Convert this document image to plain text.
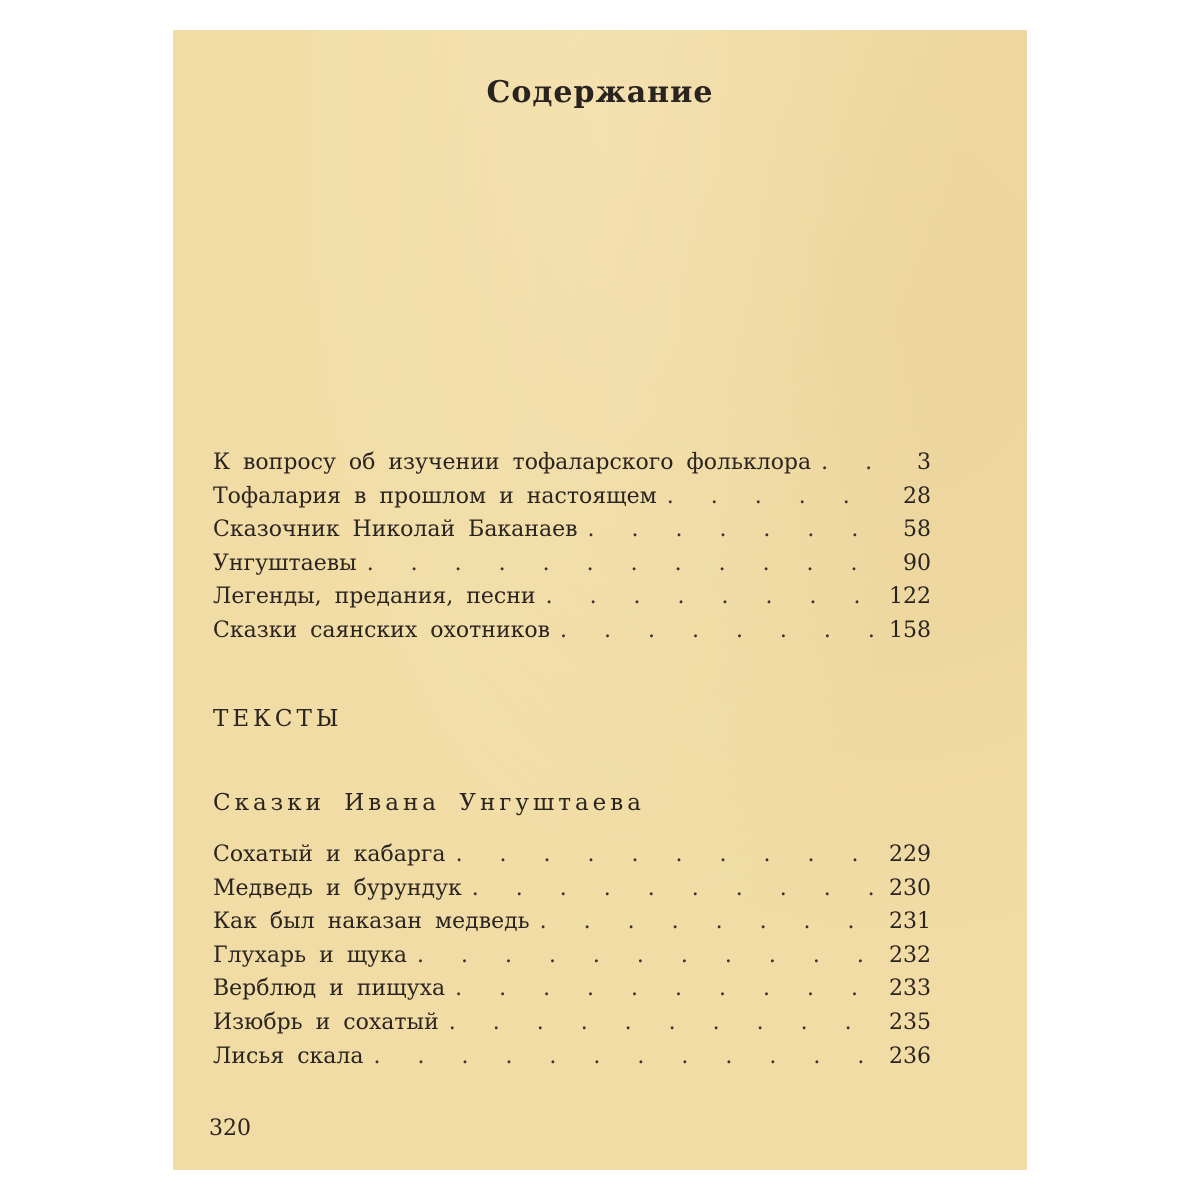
Содержание
К вопросу об изучении тофаларского фольклора . . .	3
Тофалария в прошлом и настоящем . . .	28
Сказочник Николай Баканаев . . .	58
Унгуштаевы . . .	90
Легенды, предания, песни . . .	122
Сказки саянских охотников . . .	158
ТЕКСТЫ
Сказки Ивана Унгуштаева
Сохатый и кабарга . . .	229
Медведь и бурундук . . .	230
Как был наказан медведь . . .	231
Глухарь и щука . . .	232
Верблюд и пищуха . . .	233
Изюбрь и сохатый . . .	235
Лисья скала . . .	236
320
